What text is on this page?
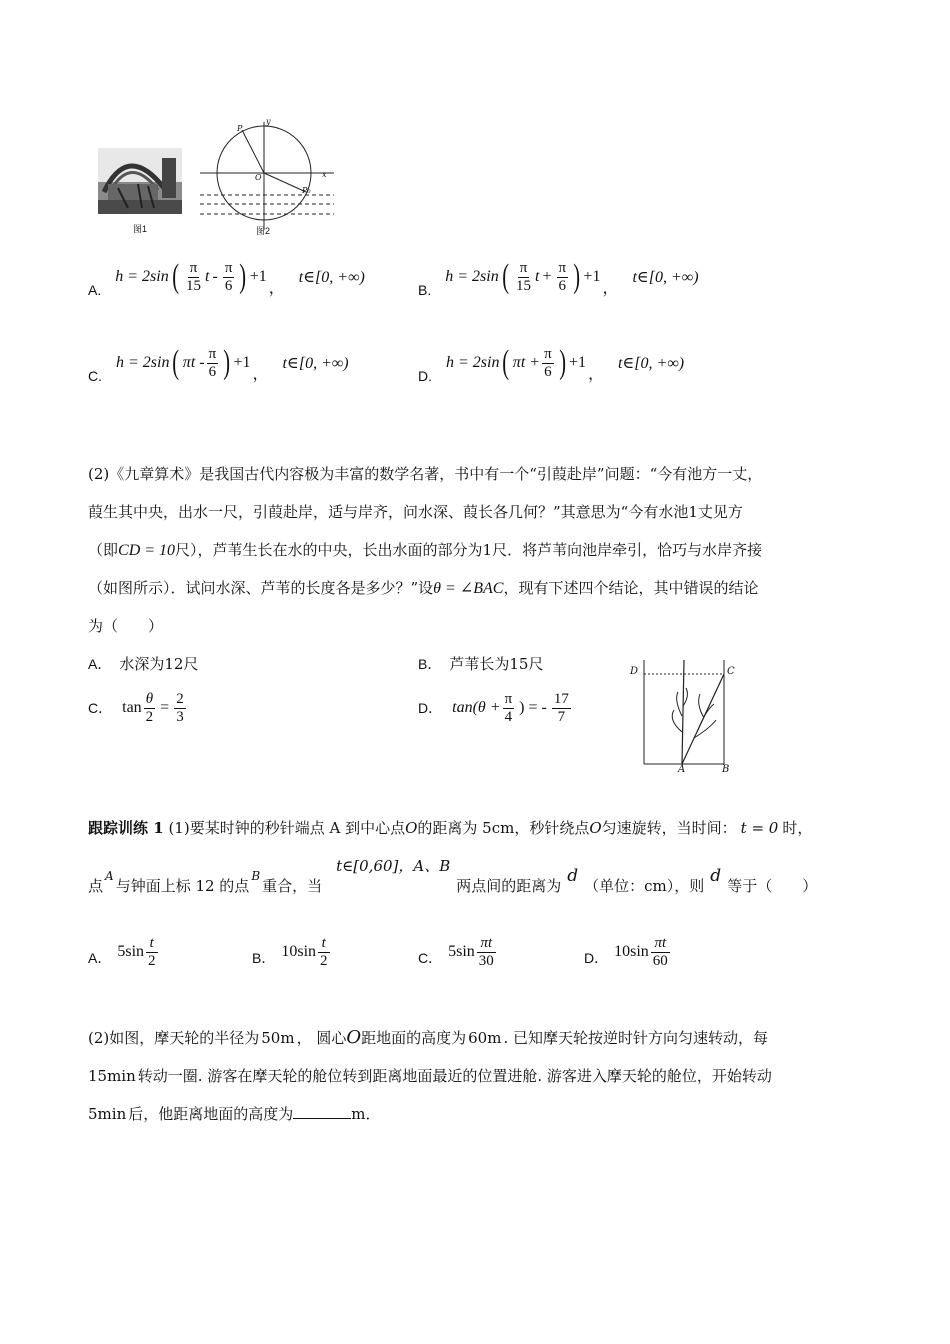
图1
P
y
O	x
P₀
图2
A.
h = 2sin ( $\frac{\pi}{15}$ t - $\frac{\pi}{6}$ ) +1
，
t∈[0, +∞)
B.
h = 2sin ( $\frac{\pi}{15}$ $t + \frac{\pi}{6}$ ) +1
，
t∈[0, +∞)
C.
h = 2sin ( πt - $\frac{\pi}{6}$ ) +1
，
t∈[0, +∞)
D.
h = 2sin ( $\pi t + \frac{\pi}{6}$ ) +1
，
t∈[0, +∞)
(2)《九章算术》是我国古代内容极为丰富的数学名著，书中有一个“引葭赴岸”问题：“今有池方一丈，
葭生其中央，出水一尺，引葭赴岸，适与岸齐，问水深、葭长各几何？”其意思为“今有水池1丈见方
（即CD = 10尺），芦苇生长在水的中央，长出水面的部分为1尺．将芦苇向池岸牵引，恰巧与水岸齐接
（如图所示）．试问水深、芦苇的长度各是多少？”设θ = ∠BAC，现有下述四个结论，其中错误的结论
为（　　）
A． 水深为12尺	B． 芦苇长为15尺
C． $\tan \frac{\theta}{2} = \frac{2}{3}$	D． $\tan(\theta + \frac{\pi}{4}$ ) = - $\frac{17}{7}$
D	C
A	B
跟踪训练 1 (1)要某时钟的秒针端点 A 到中心点O的距离为 5cm，秒针绕点O匀速旋转，当时间： t = 0 时，
点
A
与钟面上标 12 的点
B
重合，当
t∈[0,60]，A、B
两点间的距离为 d （单位：cm），则 d 等于（　　）
A． $5\sin \frac{t}{2}$	B． $10\sin \frac{t}{2}$	C． $5\sin \frac{\pi t}{30}$	D． $10\sin \frac{\pi t}{60}$
(2)如图，摩天轮的半径为 50m ， 圆心O距地面的高度为 60m . 已知摩天轮按逆时针方向匀速转动，每
15min 转动一圈. 游客在摩天轮的舱位转到距离地面最近的位置进舱. 游客进入摩天轮的舱位，开始转动
5min 后，他距离地面的高度为	m．
